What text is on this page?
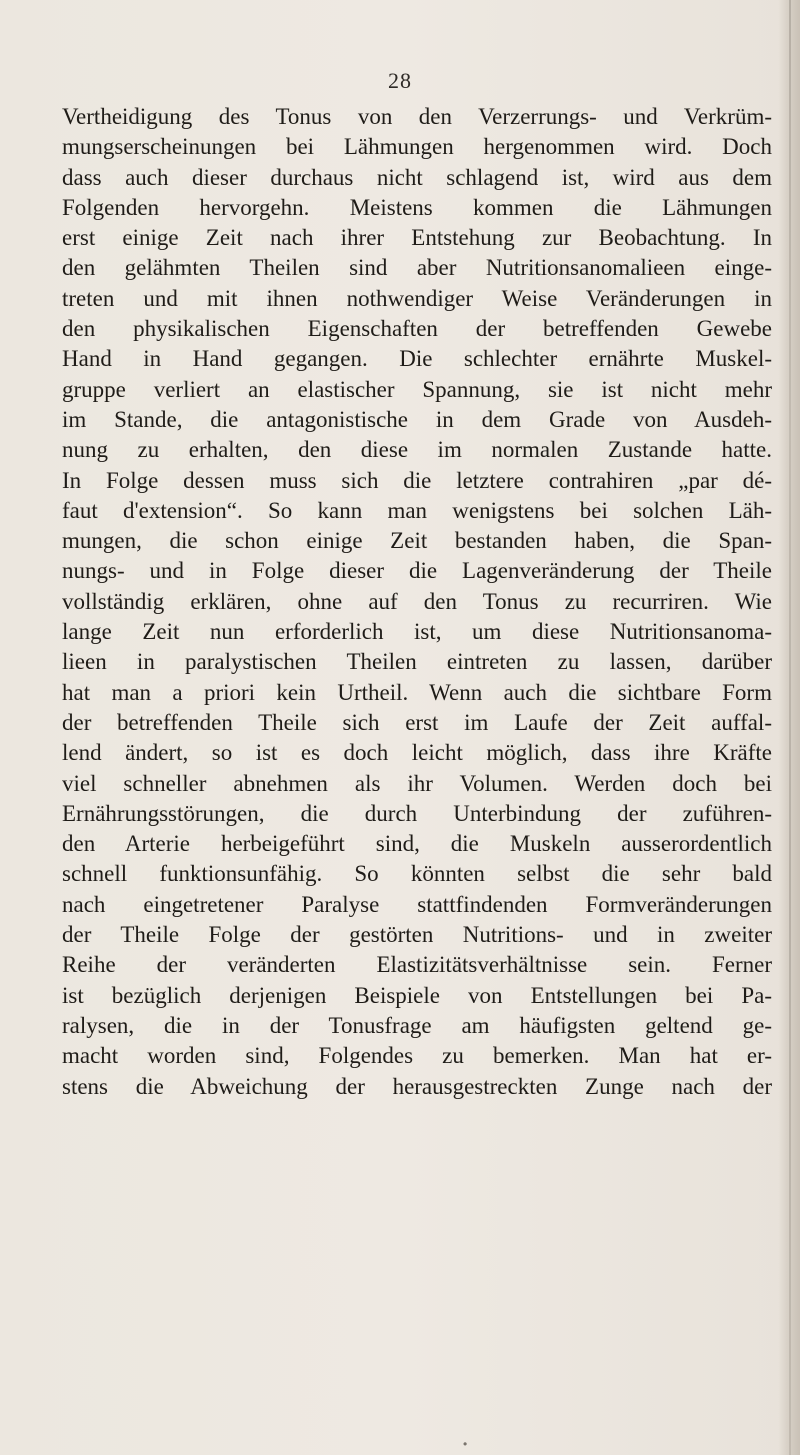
28
Vertheidigung des Tonus von den Verzerrungs- und Verkrüm-
mungserscheinungen bei Lähmungen hergenommen wird. Doch
dass auch dieser durchaus nicht schlagend ist, wird aus dem
Folgenden hervorgehn. Meistens kommen die Lähmungen
erst einige Zeit nach ihrer Entstehung zur Beobachtung. In
den gelähmten Theilen sind aber Nutritionsanomalieen einge-
treten und mit ihnen nothwendiger Weise Veränderungen in
den physikalischen Eigenschaften der betreffenden Gewebe
Hand in Hand gegangen. Die schlechter ernährte Muskel-
gruppe verliert an elastischer Spannung, sie ist nicht mehr
im Stande, die antagonistische in dem Grade von Ausdeh-
nung zu erhalten, den diese im normalen Zustande hatte.
In Folge dessen muss sich die letztere contrahiren „par dé-
faut d'extension“. So kann man wenigstens bei solchen Läh-
mungen, die schon einige Zeit bestanden haben, die Span-
nungs- und in Folge dieser die Lagenveränderung der Theile
vollständig erklären, ohne auf den Tonus zu recurriren. Wie
lange Zeit nun erforderlich ist, um diese Nutritionsanoma-
lieen in paralystischen Theilen eintreten zu lassen, darüber
hat man a priori kein Urtheil. Wenn auch die sichtbare Form
der betreffenden Theile sich erst im Laufe der Zeit auffal-
lend ändert, so ist es doch leicht möglich, dass ihre Kräfte
viel schneller abnehmen als ihr Volumen. Werden doch bei
Ernährungsstörungen, die durch Unterbindung der zuführen-
den Arterie herbeigeführt sind, die Muskeln ausserordentlich
schnell funktionsunfähig. So könnten selbst die sehr bald
nach eingetretener Paralyse stattfindenden Formveränderungen
der Theile Folge der gestörten Nutritions- und in zweiter
Reihe der veränderten Elastizitätsverhältnisse sein. Ferner
ist bezüglich derjenigen Beispiele von Entstellungen bei Pa-
ralysen, die in der Tonusfrage am häufigsten geltend ge-
macht worden sind, Folgendes zu bemerken. Man hat er-
stens die Abweichung der herausgestreckten Zunge nach der
•
